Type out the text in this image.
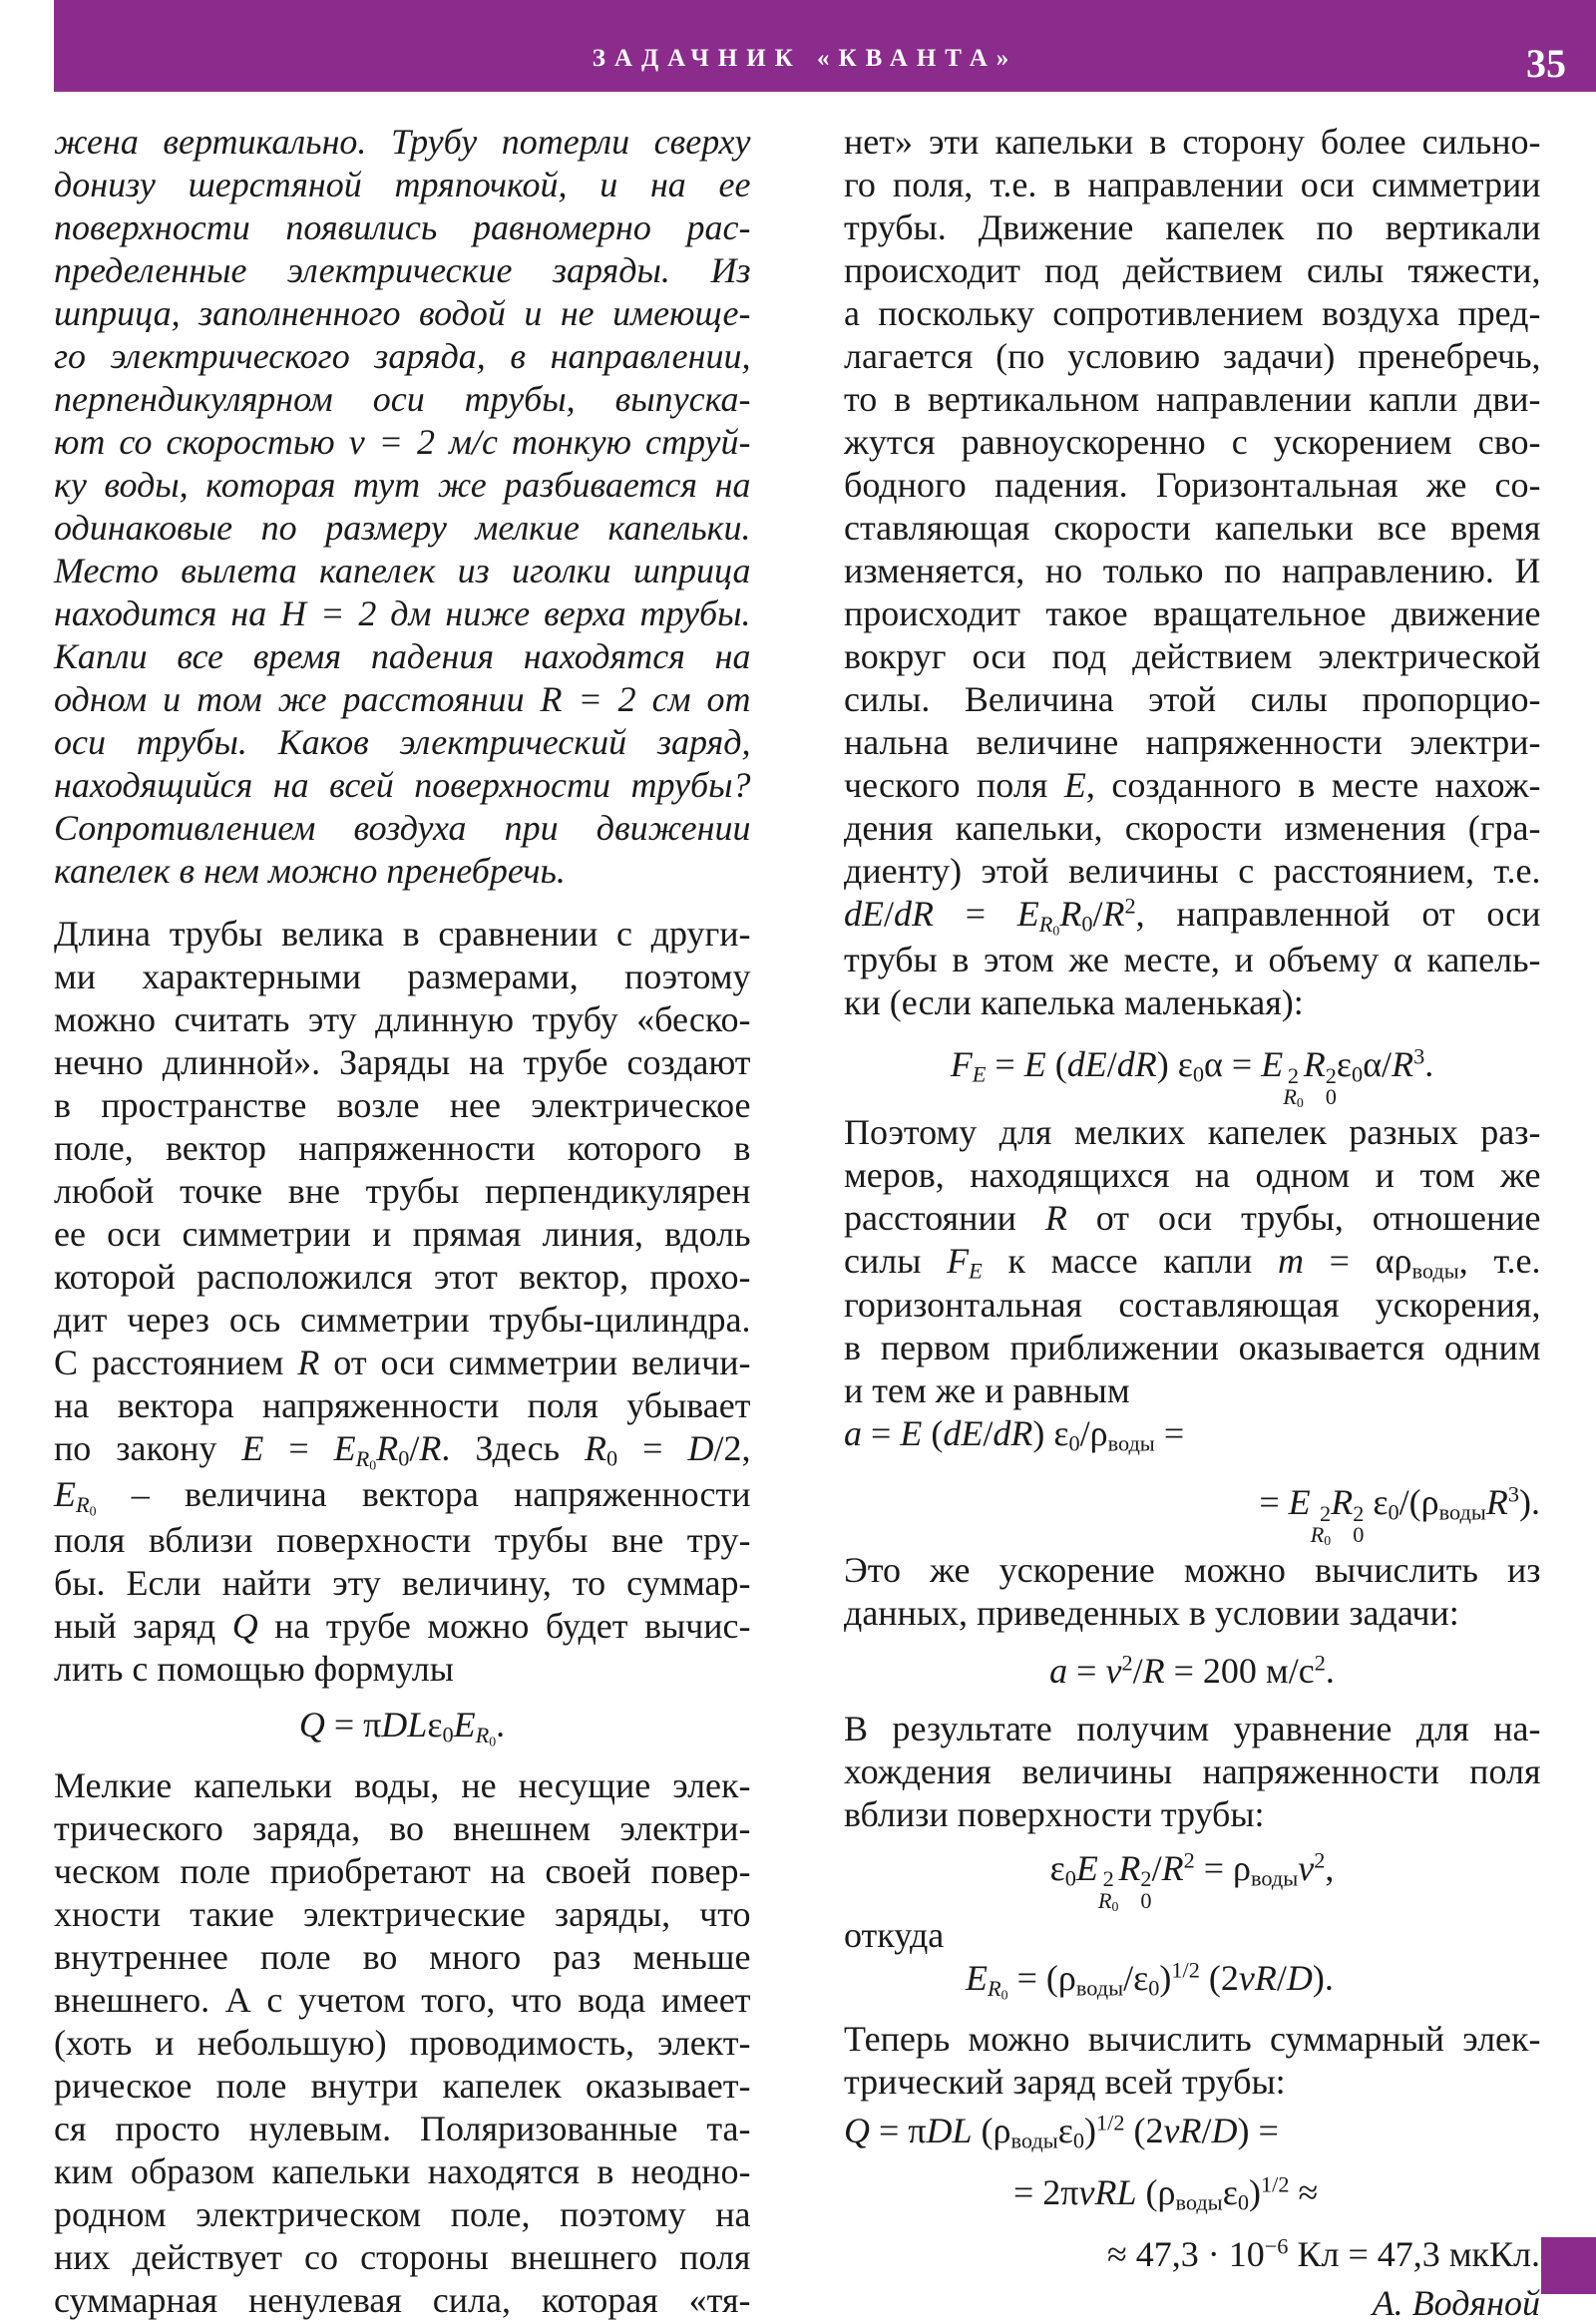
ЗАДАЧНИК «КВАНТА»	35
жена вертикально. Трубу потерли сверху
донизу шерстяной тряпочкой, и на ее
поверхности появились равномерно рас-
пределенные электрические заряды. Из
шприца, заполненного водой и не имеюще-
го электрического заряда, в направлении,
перпендикулярном оси трубы, выпуска-
ют со скоростью v = 2 м/с тонкую струй-
ку воды, которая тут же разбивается на
одинаковые по размеру мелкие капельки.
Место вылета капелек из иголки шприца
находится на H = 2 дм ниже верха трубы.
Капли все время падения находятся на
одном и том же расстоянии R = 2 см от
оси трубы. Каков электрический заряд,
находящийся на всей поверхности трубы?
Сопротивлением воздуха при движении
капелек в нем можно пренебречь.
Длина трубы велика в сравнении с други-
ми характерными размерами, поэтому
можно считать эту длинную трубу «беско-
нечно длинной». Заряды на трубе создают
в пространстве возле нее электрическое
поле, вектор напряженности которого в
любой точке вне трубы перпендикулярен
ее оси симметрии и прямая линия, вдоль
которой расположился этот вектор, прохо-
дит через ось симметрии трубы-цилиндра.
С расстоянием R от оси симметрии величи-
на вектора напряженности поля убывает
по закону $E = E_{R_0}R_0/R$. Здесь $R_0 = D/2$,
$E_{R_0}$ – величина вектора напряженности
поля вблизи поверхности трубы вне тру-
бы. Если найти эту величину, то суммар-
ный заряд Q на трубе можно будет вычис-
лить с помощью формулы
$Q = \pi DL\varepsilon_0E_{R_0}$.
Мелкие капельки воды, не несущие элек-
трического заряда, во внешнем электри-
ческом поле приобретают на своей повер-
хности такие электрические заряды, что
внутреннее поле во много раз меньше
внешнего. А с учетом того, что вода имеет
(хоть и небольшую) проводимость, элект-
рическое поле внутри капелек оказывает-
ся просто нулевым. Поляризованные та-
ким образом капельки находятся в неодно-
родном электрическом поле, поэтому на
них действует со стороны внешнего поля
суммарная ненулевая сила, которая «тя-
нет» эти капельки в сторону более сильно-
го поля, т.е. в направлении оси симметрии
трубы. Движение капелек по вертикали
происходит под действием силы тяжести,
а поскольку сопротивлением воздуха пред-
лагается (по условию задачи) пренебречь,
то в вертикальном направлении капли дви-
жутся равноускоренно с ускорением сво-
бодного падения. Горизонтальная же со-
ставляющая скорости капельки все время
изменяется, но только по направлению. И
происходит такое вращательное движение
вокруг оси под действием электрической
силы. Величина этой силы пропорцио-
нальна величине напряженности электри-
ческого поля E, созданного в месте нахож-
дения капельки, скорости изменения (гра-
диенту) этой величины с расстоянием, т.е.
$dE/dR = E_{R_0}R_0/R^2$, направленной от оси
трубы в этом же месте, и объему α капель-
ки (если капелька маленькая):
$F_E = E$ (dE/dR) $\varepsilon_0\alpha = E$ 2
R0
R 2
0
$\varepsilon_0\alpha/R^3$.
Поэтому для мелких капелек разных раз-
меров, находящихся на одном и том же
расстоянии R от оси трубы, отношение
силы $F_E$ к массе капли $m = \alpha\rho_{воды}$, т.е.
горизонтальная составляющая ускорения,
в первом приближении оказывается одним
и тем же и равным
a = E (dE/dR) $\varepsilon_0/\rho_{воды}$ =
= E 2
R0
R 2
0
$\varepsilon_0/(\rho_{воды}R^3)$.
Это же ускорение можно вычислить из
данных, приведенных в условии задачи:
$a = v^2/R = 200$ $м/с^2$.
В результате получим уравнение для на-
хождения величины напряженности поля
вблизи поверхности трубы:
$\varepsilon_0E$ 2
R0
R 2
0
$/R^2 = \rho_{воды}v^2$,
откуда
$E_{R_0} = (\rho_{воды}/\varepsilon_0)^{1/2}$ (2vR/D).
Теперь можно вычислить суммарный элек-
трический заряд всей трубы:
Q = πDL $(\rho_{воды}\varepsilon_0)^{1/2}$ (2vR/D) =
= 2πvRL $(\rho_{воды}\varepsilon_0)^{1/2}$ ≈
≈ $47,3 \cdot 10^{-6}$ Кл = 47,3 мкКл.
А. Водяной
